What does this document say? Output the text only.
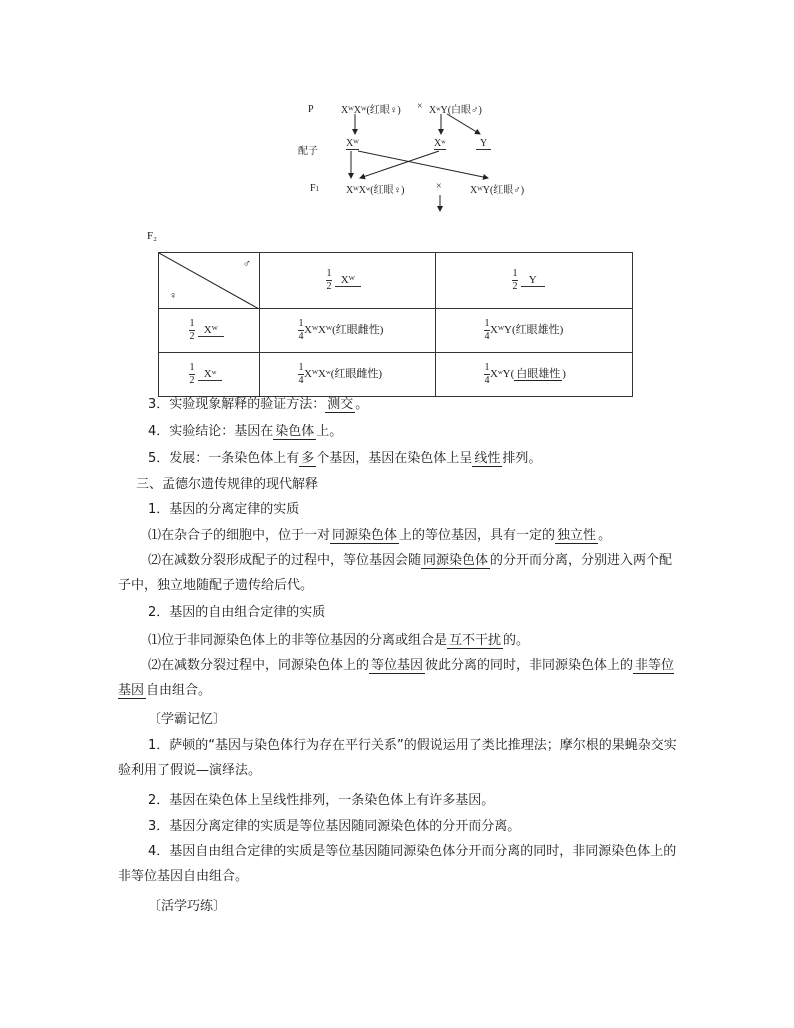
P	XᵂXᵂ(红眼♀) × XʷY(白眼♂)
配子
Xᵂ	Xʷ	Y
F1	XᵂXʷ(红眼♀)	×	XᵂY(红眼♂)
F₂
♂
♀	$\frac{1}{2}$ Xᵂ	$\frac{1}{2}$ Y

$\frac{1}{2}$ Xᵂ	$\frac{1}{4}$ XᵂXᵂ(红眼雌性)	$\frac{1}{4}$ XᵂY(红眼雄性)

$\frac{1}{2}$ Xʷ	$\frac{1}{4}$ XᵂXʷ(红眼雌性)	$\frac{1}{4}$ XʷY( 白眼雄性 )
3．实验现象解释的验证方法： 测交 。
4．实验结论：基因在 染色体 上。
5．发展：一条染色体上有 多 个基因，基因在染色体上呈 线性 排列。
三、孟德尔遗传规律的现代解释
1．基因的分离定律的实质
⑴在杂合子的细胞中，位于一对 同源染色体 上的等位基因，具有一定的 独立性 。
⑵在减数分裂形成配子的过程中，等位基因会随 同源染色体 的分开而分离，分别进入两个配子中，独立地随配子遗传给后代。
2．基因的自由组合定律的实质
⑴位于非同源染色体上的非等位基因的分离或组合是 互不干扰 的。
⑵在减数分裂过程中，同源染色体上的 等位基因 彼此分离的同时，非同源染色体上的 非等位基因 自由组合。
〔学霸记忆〕
1．萨顿的“基因与染色体行为存在平行关系”的假说运用了类比推理法；摩尔根的果蝇杂交实验利用了假说—演绎法。
2．基因在染色体上呈线性排列，一条染色体上有许多基因。
3．基因分离定律的实质是等位基因随同源染色体的分开而分离。
4．基因自由组合定律的实质是等位基因随同源染色体分开而分离的同时，非同源染色体上的非等位基因自由组合。
〔活学巧练〕
